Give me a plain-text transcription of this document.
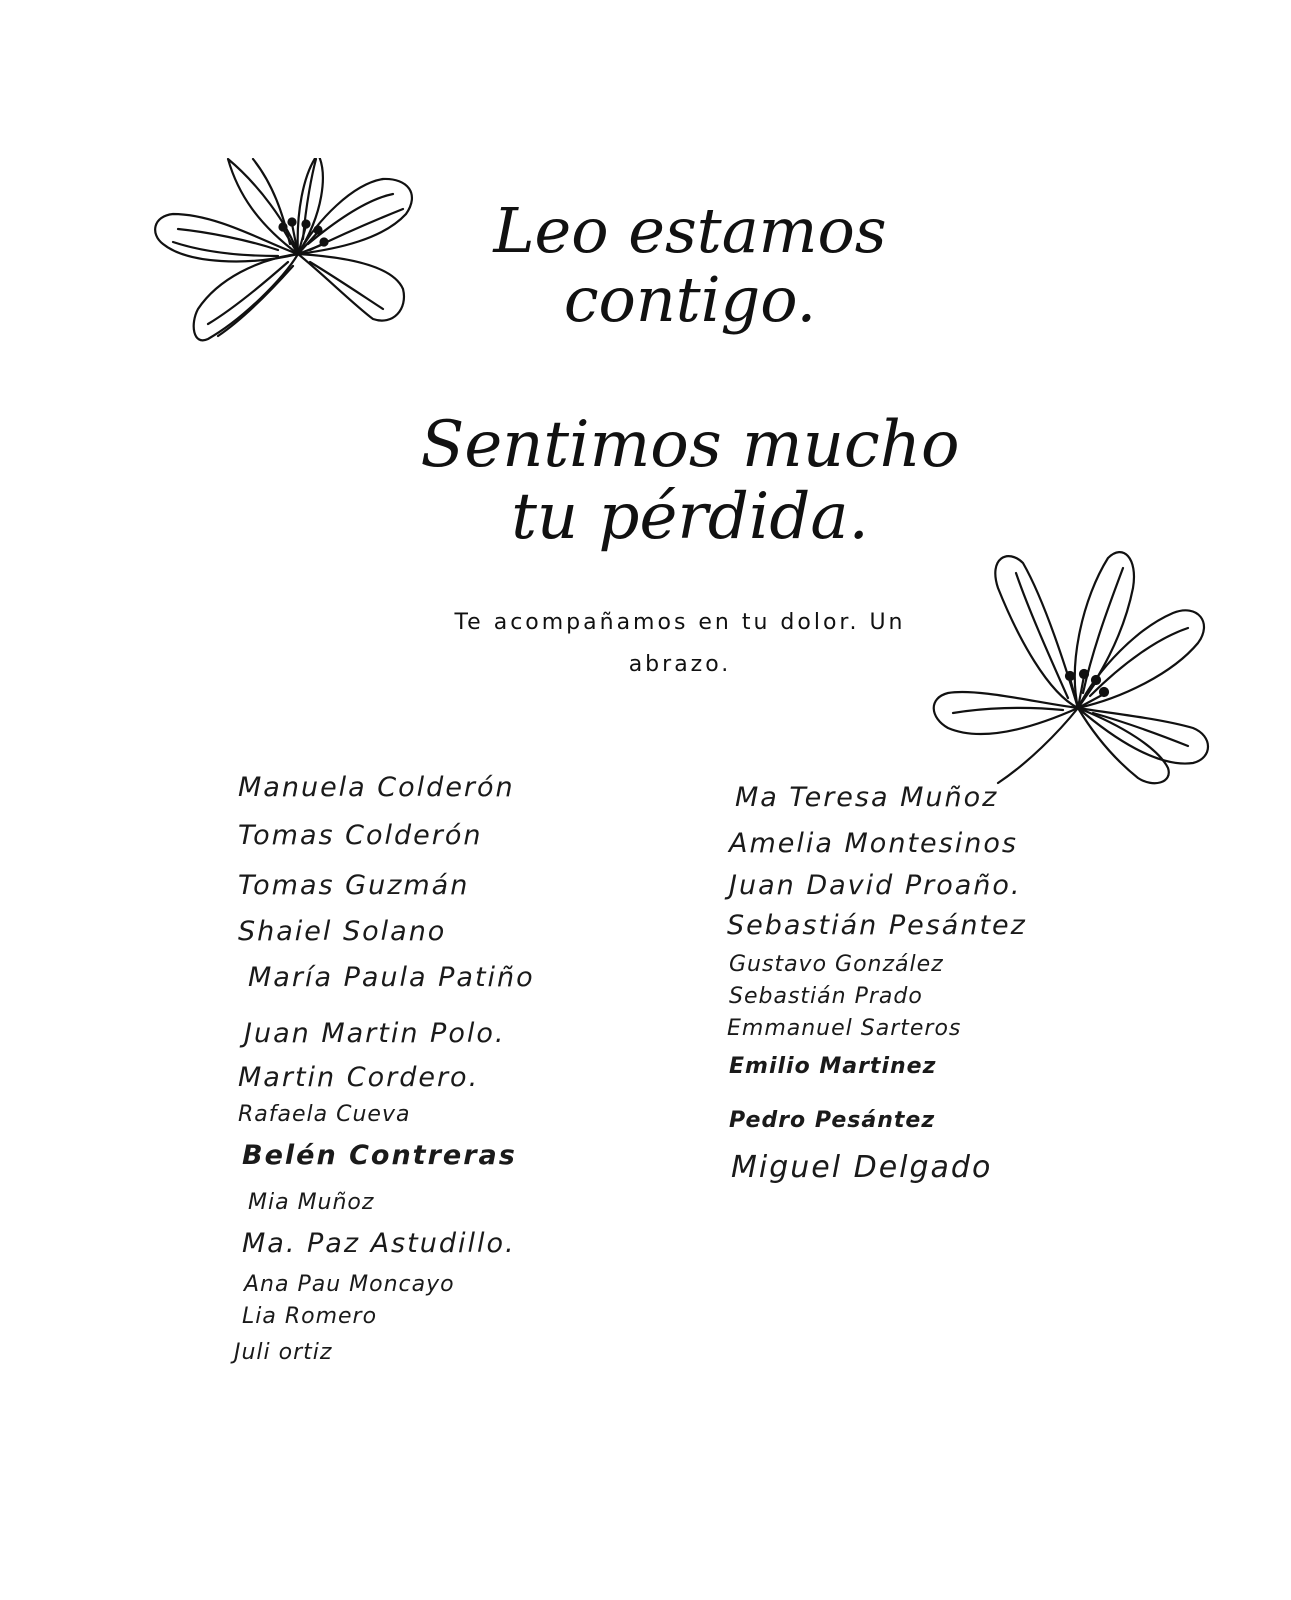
Leo estamos
contigo.
Sentimos mucho
tu pérdida.
Te acompañamos en tu dolor. Un
abrazo.
Manuela Colderón
Tomas Colderón
Tomas Guzmán
Shaiel Solano
María Paula Patiño
Juan Martin Polo.
Martin Cordero.
Rafaela Cueva
Belén Contreras
Mia Muñoz
Ma. Paz Astudillo.
Ana Pau Moncayo
Lia Romero
Juli ortiz
Ma Teresa Muñoz
Amelia Montesinos
Juan David Proaño.
Sebastián Pesántez
Gustavo González
Sebastián Prado
Emmanuel Sarteros
Emilio Martinez
Pedro Pesántez
Miguel Delgado
